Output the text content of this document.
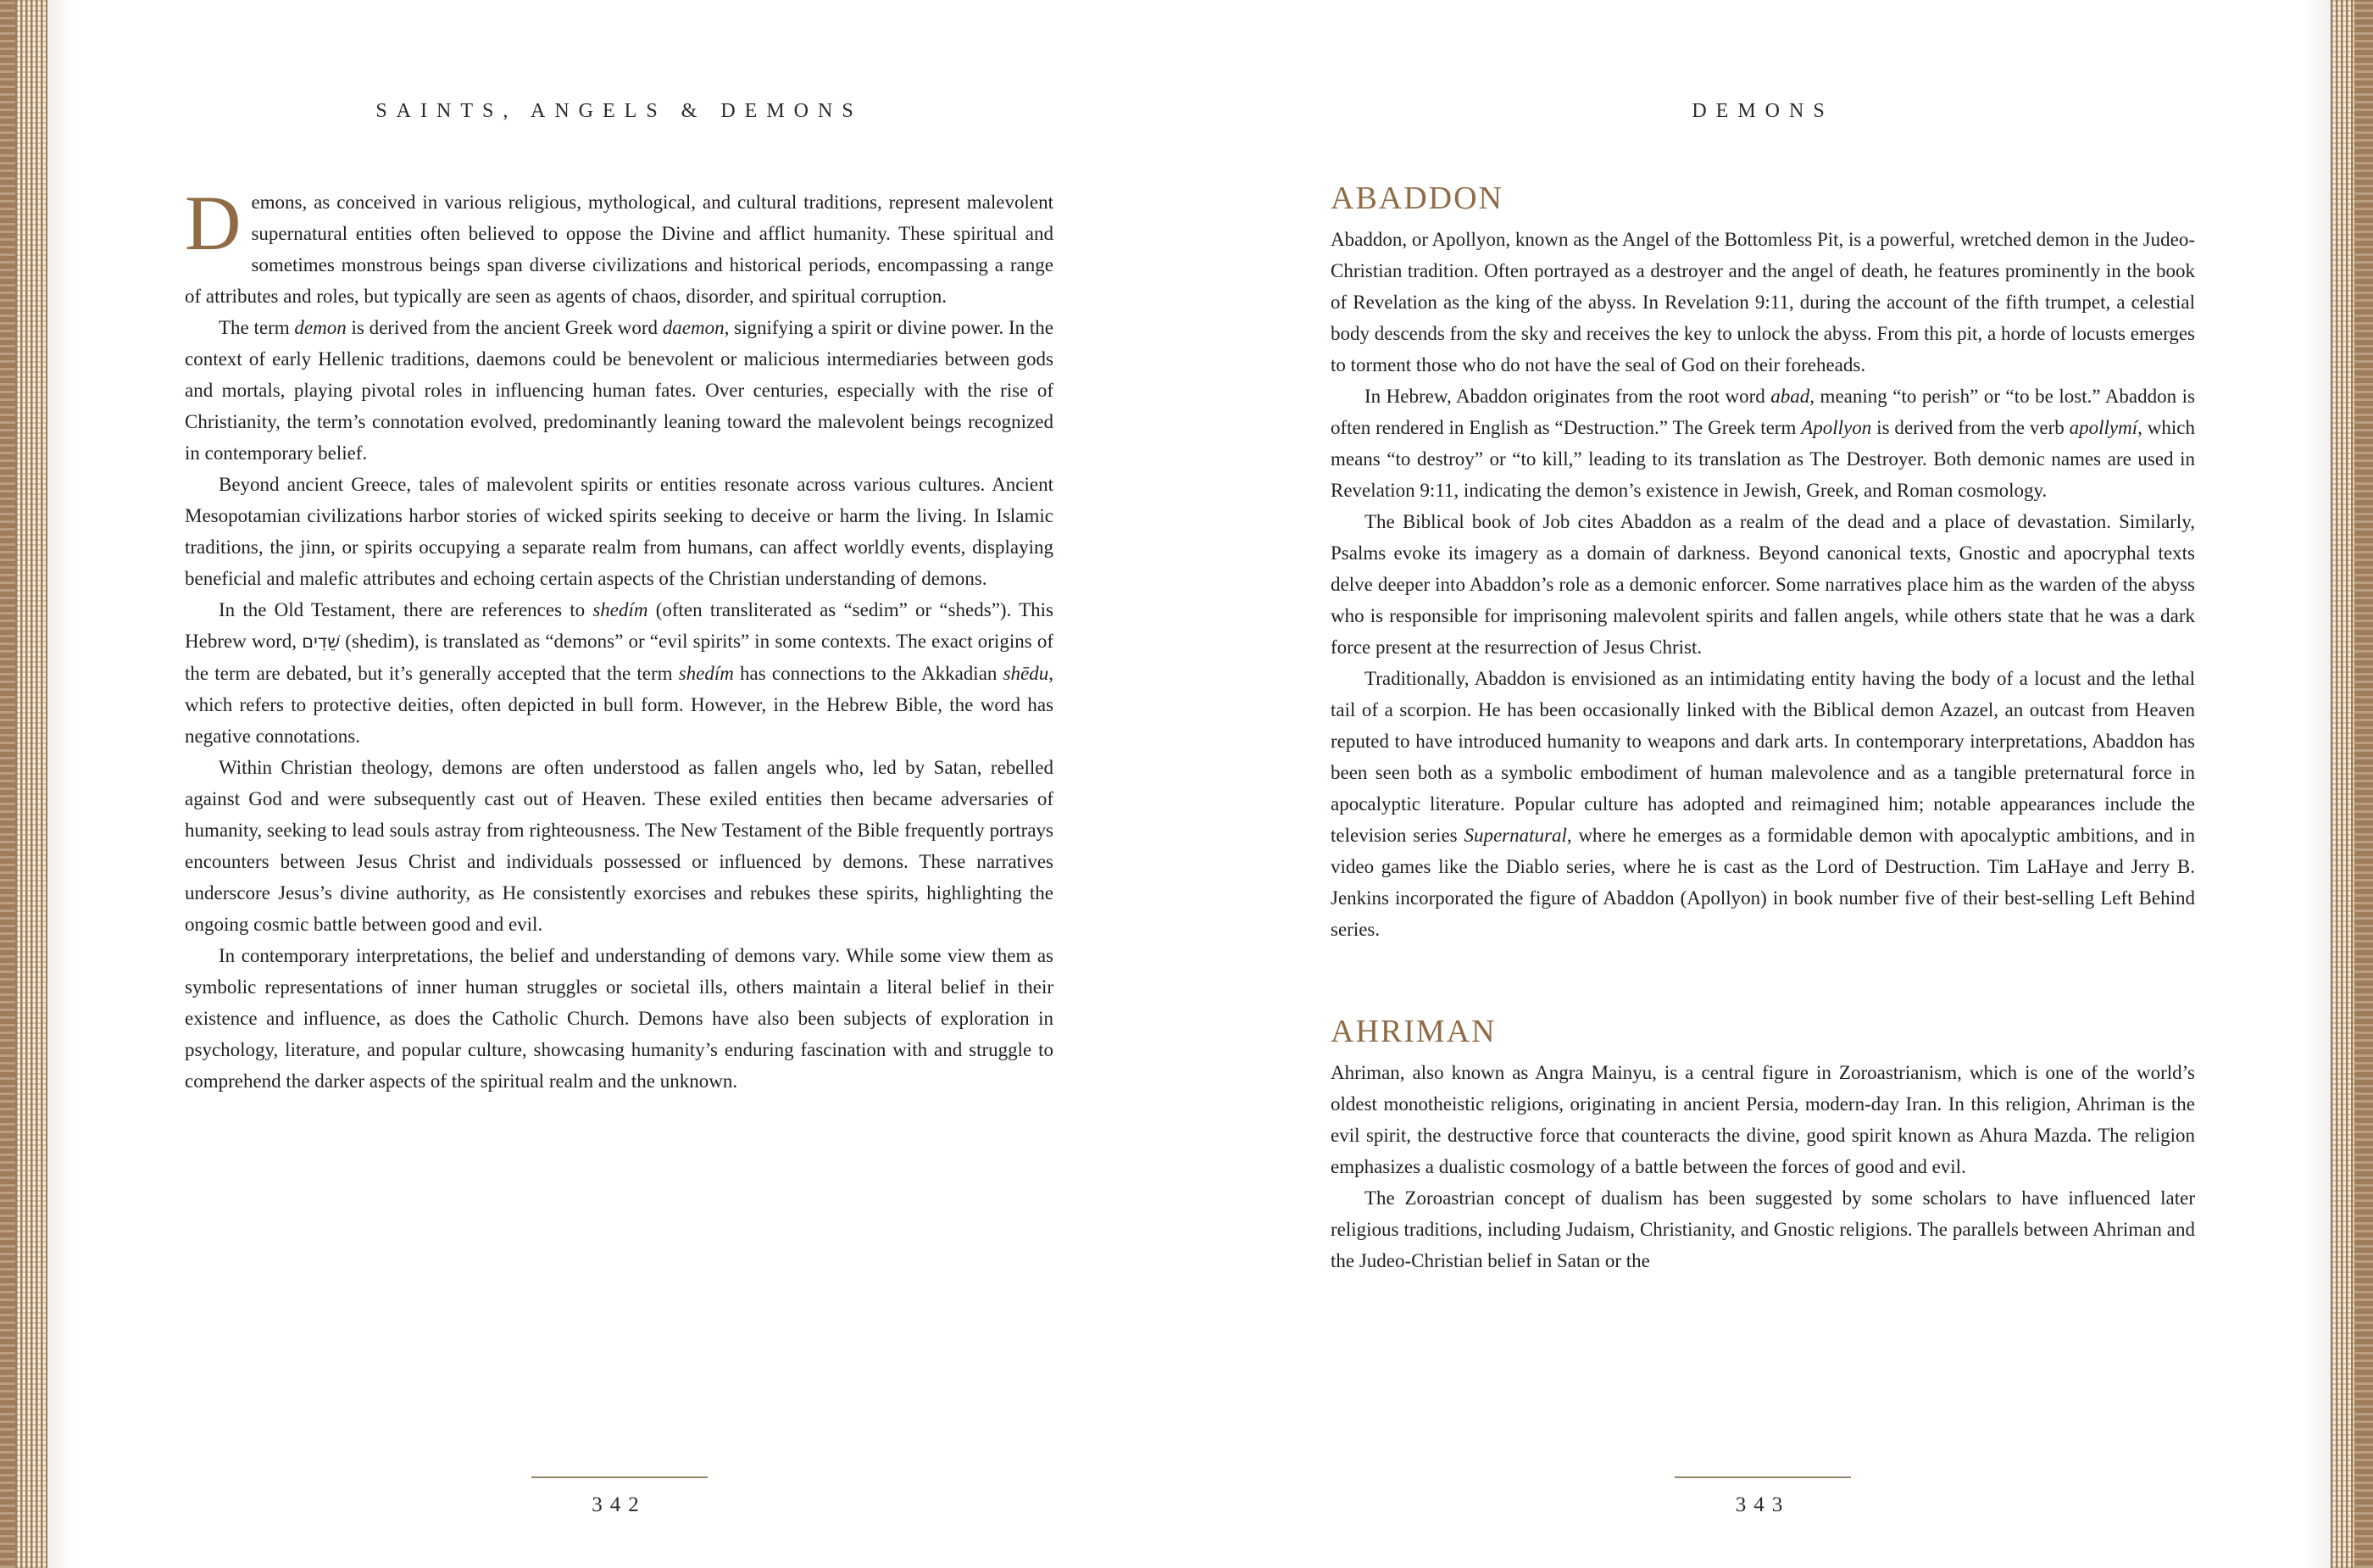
SAINTS, ANGELS & DEMONS

D emons, as conceived in various religious, mythological, and cultural traditions, represent malevolent supernatural entities often believed to oppose the Divine and afflict humanity. These spiritual and sometimes monstrous beings span diverse civilizations and historical periods, encompassing a range of attributes and roles, but typically are seen as agents of chaos, disorder, and spiritual corruption.

The term demon is derived from the ancient Greek word daemon, signifying a spirit or divine power. In the context of early Hellenic traditions, daemons could be benevolent or malicious intermediaries between gods and mortals, playing pivotal roles in influencing human fates. Over centuries, especially with the rise of Christianity, the term’s connotation evolved, predominantly leaning toward the malevolent beings recognized in contemporary belief.

Beyond ancient Greece, tales of malevolent spirits or entities resonate across various cultures. Ancient Mesopotamian civilizations harbor stories of wicked spirits seeking to deceive or harm the living. In Islamic traditions, the jinn, or spirits occupying a separate realm from humans, can affect worldly events, displaying beneficial and malefic attributes and echoing certain aspects of the Christian understanding of demons.

In the Old Testament, there are references to shedím (often transliterated as “sedim” or “sheds”). This Hebrew word, שֵׁדִים (shedim), is translated as “demons” or “evil spirits” in some contexts. The exact origins of the term are debated, but it’s generally accepted that the term shedím has connections to the Akkadian shēdu, which refers to protective deities, often depicted in bull form. However, in the Hebrew Bible, the word has negative connotations.

Within Christian theology, demons are often understood as fallen angels who, led by Satan, rebelled against God and were subsequently cast out of Heaven. These exiled entities then became adversaries of humanity, seeking to lead souls astray from righteousness. The New Testament of the Bible frequently portrays encounters between Jesus Christ and individuals possessed or influenced by demons. These narratives underscore Jesus’s divine authority, as He consistently exorcises and rebukes these spirits, highlighting the ongoing cosmic battle between good and evil.

In contemporary interpretations, the belief and understanding of demons vary. While some view them as symbolic representations of inner human struggles or societal ills, others maintain a literal belief in their existence and influence, as does the Catholic Church. Demons have also been subjects of exploration in psychology, literature, and popular culture, showcasing humanity’s enduring fascination with and struggle to comprehend the darker aspects of the spiritual realm and the unknown.

342
DEMONS
ABADDON

Abaddon, or Apollyon, known as the Angel of the Bottomless Pit, is a powerful, wretched demon in the Judeo-Christian tradition. Often portrayed as a destroyer and the angel of death, he features prominently in the book of Revelation as the king of the abyss. In Revelation 9:11, during the account of the fifth trumpet, a celestial body descends from the sky and receives the key to unlock the abyss. From this pit, a horde of locusts emerges to torment those who do not have the seal of God on their foreheads.

In Hebrew, Abaddon originates from the root word abad, meaning “to perish” or “to be lost.” Abaddon is often rendered in English as “Destruction.” The Greek term Apollyon is derived from the verb apollymí, which means “to destroy” or “to kill,” leading to its translation as The Destroyer. Both demonic names are used in Revelation 9:11, indicating the demon’s existence in Jewish, Greek, and Roman cosmology.

The Biblical book of Job cites Abaddon as a realm of the dead and a place of devastation. Similarly, Psalms evoke its imagery as a domain of darkness. Beyond canonical texts, Gnostic and apocryphal texts delve deeper into Abaddon’s role as a demonic enforcer. Some narratives place him as the warden of the abyss who is responsible for imprisoning malevolent spirits and fallen angels, while others state that he was a dark force present at the resurrection of Jesus Christ.

Traditionally, Abaddon is envisioned as an intimidating entity having the body of a locust and the lethal tail of a scorpion. He has been occasionally linked with the Biblical demon Azazel, an outcast from Heaven reputed to have introduced humanity to weapons and dark arts. In contemporary interpretations, Abaddon has been seen both as a symbolic embodiment of human malevolence and as a tangible preternatural force in apocalyptic literature. Popular culture has adopted and reimagined him; notable appearances include the television series Supernatural, where he emerges as a formidable demon with apocalyptic ambitions, and in video games like the Diablo series, where he is cast as the Lord of Destruction. Tim LaHaye and Jerry B. Jenkins incorporated the figure of Abaddon (Apollyon) in book number five of their best-selling Left Behind series.

AHRIMAN

Ahriman, also known as Angra Mainyu, is a central figure in Zoroastrianism, which is one of the world’s oldest monotheistic religions, originating in ancient Persia, modern-day Iran. In this religion, Ahriman is the evil spirit, the destructive force that counteracts the divine, good spirit known as Ahura Mazda. The religion emphasizes a dualistic cosmology of a battle between the forces of good and evil.

The Zoroastrian concept of dualism has been suggested by some scholars to have influenced later religious traditions, including Judaism, Christianity, and Gnostic religions. The parallels between Ahriman and the Judeo-Christian belief in Satan or the

343
